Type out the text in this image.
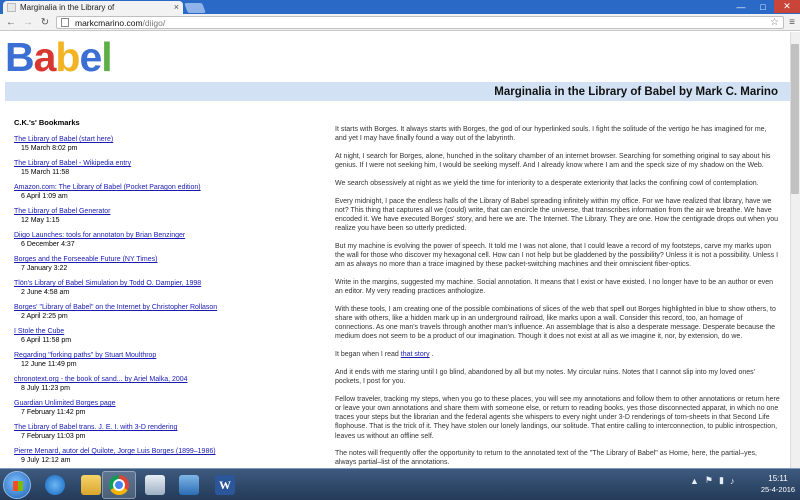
Marginalia in the Library of	×	—	□	✕
← → ↻	markcmarino.com/diigo/	☆ ≡
Babel
Marginalia in the Library of Babel by Mark C. Marino
C.K.'s' Bookmarks
The Library of Babel (start here)
15 March 8:02 pm
The Library of Babel - Wikipedia entry
15 March 11:58
Amazon.com: The Library of Babel (Pocket Paragon edition)
6 April 1:09 am
The Library of Babel Generator
12 May 1:15
Diigo Launches: tools for annotaton by Brian Benzinger
6 December 4:37
Borges and the Forseeable Future (NY Times)
7 January 3:22
Tlön's Library of Babel Simulation by Todd O. Dampier, 1998
2 June 4:58 am
Borges' "Library of Babel" on the Internet by Christopher Rollason
2 April 2:25 pm
I Stole the Cube
6 April 11:58 pm
Regarding "forking paths" by Stuart Moulthrop
12 June 11:49 pm
chronotext.org - the book of sand... by Ariel Malka, 2004
8 July 11:23 pm
Guardian Unlimited Borges page
7 February 11:42 pm
The Library of Babel trans. J. E. I. with 3-D rendering
7 February 11:03 pm
Pierre Menard, autor del Quilote, Jorge Luis Borges (1899–1986)
9 July 12:12 am

It starts with Borges. It always starts with Borges, the god of our hyperlinked souls. I fight the solitude of the vertigo he has imagined for me, and yet I may have finally found a way out of the labyrinth.

At night, I search for Borges, alone, hunched in the solitary chamber of an internet browser. Searching for something original to say about his genius. If I were not seeking him, I would be seeking myself. And I already know where I am and the speck size of my shadow on the Web.

We search obsessively at night as we yield the time for interiority to a desperate exteriority that lacks the confining cowl of contemplation.

Every midnight, I pace the endless halls of the Library of Babel spreading infinitely within my office. For we have realized that library, have we not? This thing that captures all we (could) write, that can encircle the universe, that transcribes information from the air we breathe. We have encoded it. We have executed Borges' story, and here we are. The Internet. The Library. They are one. How the centigrade drops out when you realize you have been so utterly predicted.

But my machine is evolving the power of speech. It told me I was not alone, that I could leave a record of my footsteps, carve my marks upon the wall for those who discover my hexagonal cell. How can I not help but be gladdened by the possibility? Unless it is not a possibility. Unless I am as always no more than a trace imagined by these packet-switching machines and their omniscient fiber-optics.

Write in the margins, suggested my machine. Social annotation. It means that I exist or have existed. I no longer have to be an author or even an editor. My very reading practices anthologize.

With these tools, I am creating one of the possible combinations of slices of the web that spell out Borges highlighted in blue to show others, to share with others, like a hidden mark up in an underground railroad, like marks upon a wall. Consider this record, too, an homage of connections. As one man's travels through another man's influence. An assemblage that is also a desperate message. Desperate because the medium does not seem to be a product of our imagination. Though it does not exist at all as we imagine it, nor, by extension, do we.

It began when I read that story .

And it ends with me staring until I go blind, abandoned by all but my notes. My circular ruins. Notes that I cannot slip into my loved ones' pockets, I post for you.

Fellow traveler, tracking my steps, when you go to these places, you will see my annotations and follow them to other annotations or return here or leave your own annotations and share them with someone else, or return to reading books, yes those disconnected apparat, in which no one traces your steps but the librarian and the federal agents she whispers to every night under 3-D renderings of torn-sheets in that Second Life flophouse. That is the trick of it. They have stolen our lonely landings, our solitude. That entire calling to interconnection, to public introspection, leaves us without an offline self.

The notes will frequently offer the opportunity to return to the annotated text of the "The Library of Babel" as Home, here, the partial–yes, always partial–list of the annotations.

W	▲ ⚑ ▮ ♪	15:11
25-4-2016
